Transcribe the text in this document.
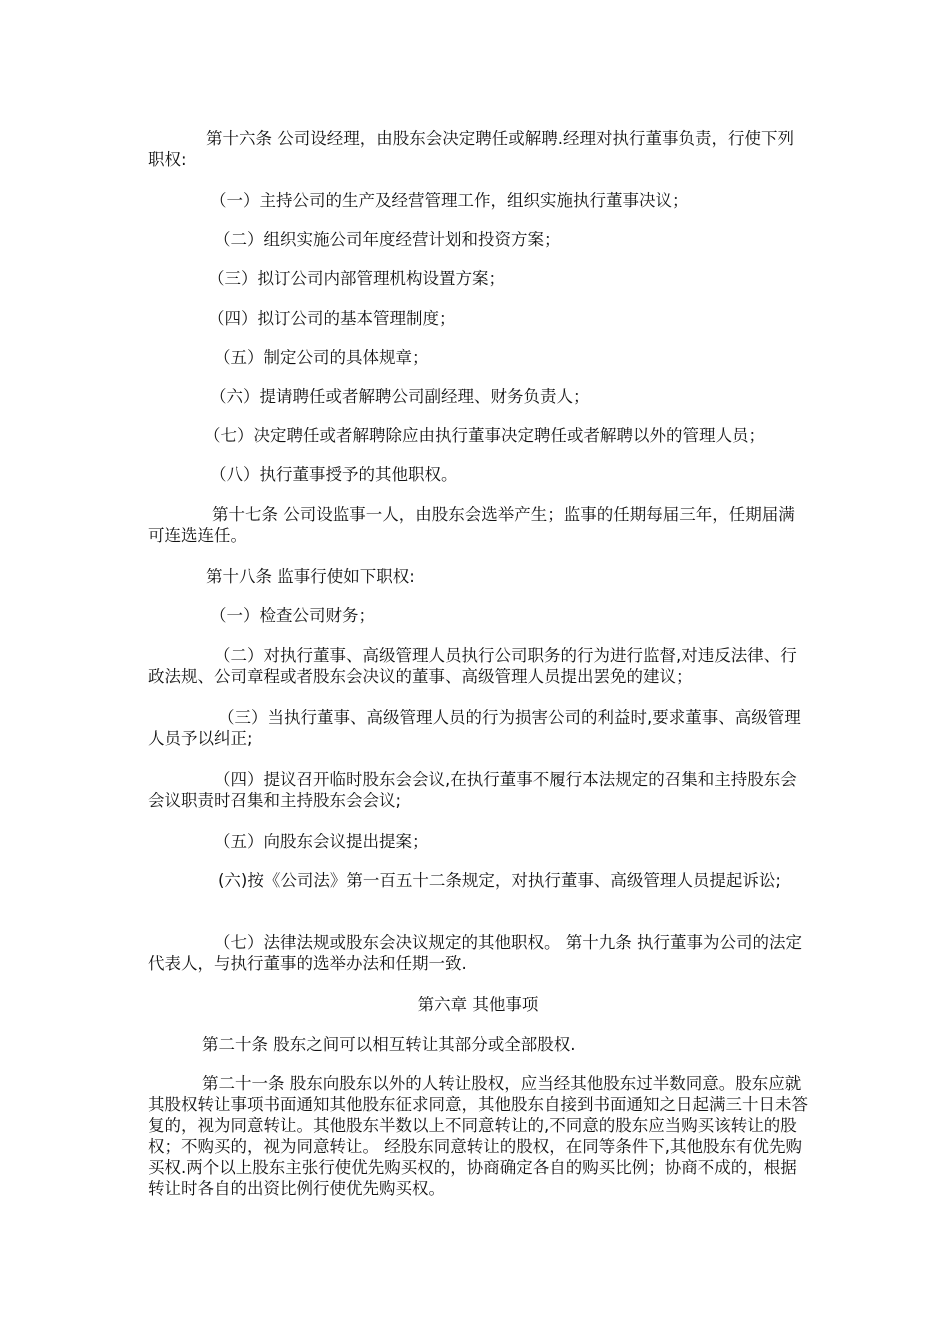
第十六条 公司设经理，由股东会决定聘任或解聘.经理对执行董事负责，行使下列职权:

（一）主持公司的生产及经营管理工作，组织实施执行董事决议；

（二）组织实施公司年度经营计划和投资方案；

（三）拟订公司内部管理机构设置方案；

（四）拟订公司的基本管理制度；

（五）制定公司的具体规章；

（六）提请聘任或者解聘公司副经理、财务负责人；

（七）决定聘任或者解聘除应由执行董事决定聘任或者解聘以外的管理人员；

（八）执行董事授予的其他职权。

第十七条 公司设监事一人，由股东会选举产生；监事的任期每届三年，任期届满可连选连任。

第十八条 监事行使如下职权:

（一）检查公司财务；

（二）对执行董事、高级管理人员执行公司职务的行为进行监督,对违反法律、行政法规、公司章程或者股东会决议的董事、高级管理人员提出罢免的建议；

（三）当执行董事、高级管理人员的行为损害公司的利益时,要求董事、高级管理人员予以纠正;

（四）提议召开临时股东会会议,在执行董事不履行本法规定的召集和主持股东会会议职责时召集和主持股东会会议;

（五）向股东会议提出提案；

(六)按《公司法》第一百五十二条规定，对执行董事、高级管理人员提起诉讼;

（七）法律法规或股东会决议规定的其他职权。 第十九条 执行董事为公司的法定代表人，与执行董事的选举办法和任期一致.

第六章 其他事项

第二十条 股东之间可以相互转让其部分或全部股权.

第二十一条 股东向股东以外的人转让股权，应当经其他股东过半数同意。股东应就其股权转让事项书面通知其他股东征求同意，其他股东自接到书面通知之日起满三十日未答复的，视为同意转让。其他股东半数以上不同意转让的,不同意的股东应当购买该转让的股权；不购买的，视为同意转让。 经股东同意转让的股权，在同等条件下,其他股东有优先购买权.两个以上股东主张行使优先购买权的，协商确定各自的购买比例；协商不成的，根据转让时各自的出资比例行使优先购买权。
